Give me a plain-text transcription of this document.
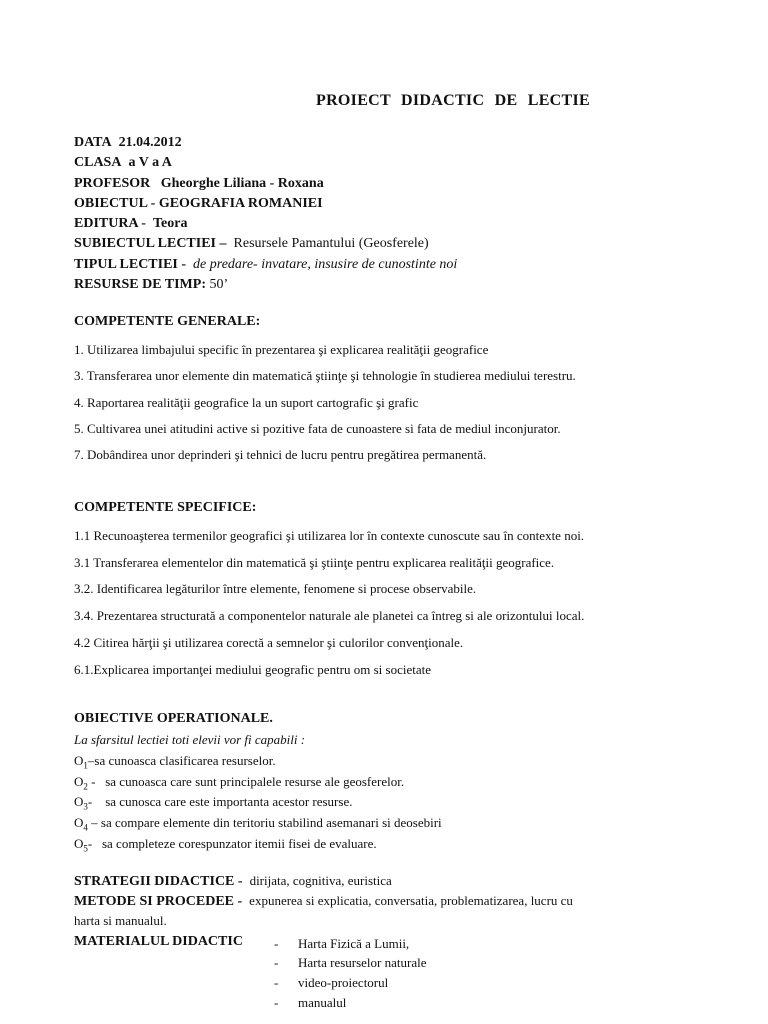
PROIECT DIDACTIC DE LECTIE
DATA 21.04.2012
CLASA a V a A
PROFESOR Gheorghe Liliana - Roxana
OBIECTUL - GEOGRAFIA ROMANIEI
EDITURA - Teora
SUBIECTUL LECTIEI – Resursele Pamantului (Geosferele)
TIPUL LECTIEI - de predare- invatare, insusire de cunostinte noi
RESURSE DE TIMP: 50’
COMPETENTE GENERALE:
1. Utilizarea limbajului specific în prezentarea şi explicarea realităţii geografice
3. Transferarea unor elemente din matematică ştiinţe şi tehnologie în studierea mediului terestru.
4. Raportarea realităţii geografice la un suport cartografic şi grafic
5. Cultivarea unei atitudini active si pozitive fata de cunoastere si fata de mediul inconjurator.
7. Dobândirea unor deprinderi şi tehnici de lucru pentru pregătirea permanentă.
COMPETENTE SPECIFICE:
1.1 Recunoaşterea termenilor geografici şi utilizarea lor în contexte cunoscute sau în contexte noi.
3.1 Transferarea elementelor din matematică şi ştiinţe pentru explicarea realităţii geografice.
3.2. Identificarea legăturilor între elemente, fenomene si procese observabile.
3.4. Prezentarea structurată a componentelor naturale ale planetei ca întreg si ale orizontului local.
4.2 Citirea hărţii şi utilizarea corectă a semnelor şi culorilor convenţionale.
6.1.Explicarea importanţei mediului geografic pentru om si societate
OBIECTIVE OPERATIONALE.
La sfarsitul lectiei toti elevii vor fi capabili :
$O_1-sa$ cunoasca clasificarea resurselor.
$O_2$ -   sa cunoasca care sunt principalele resurse ale geosferelor.
$O_3-$    sa cunosca care este importanta acestor resurse.
$O_4$ – sa compare elemente din teritoriu stabilind asemanari si deosebiri
$O_5-$   sa completeze corespunzator itemii fisei de evaluare.
STRATEGII DIDACTICE - dirijata, cognitiva, euristica
METODE SI PROCEDEE - expunerea si explicatia, conversatia, problematizarea, lucru cu
harta si manualul.
MATERIALUL DIDACTIC - Harta Fizică a Lumii,
- Harta resurselor naturale
- video-proiectorul
- manualul
